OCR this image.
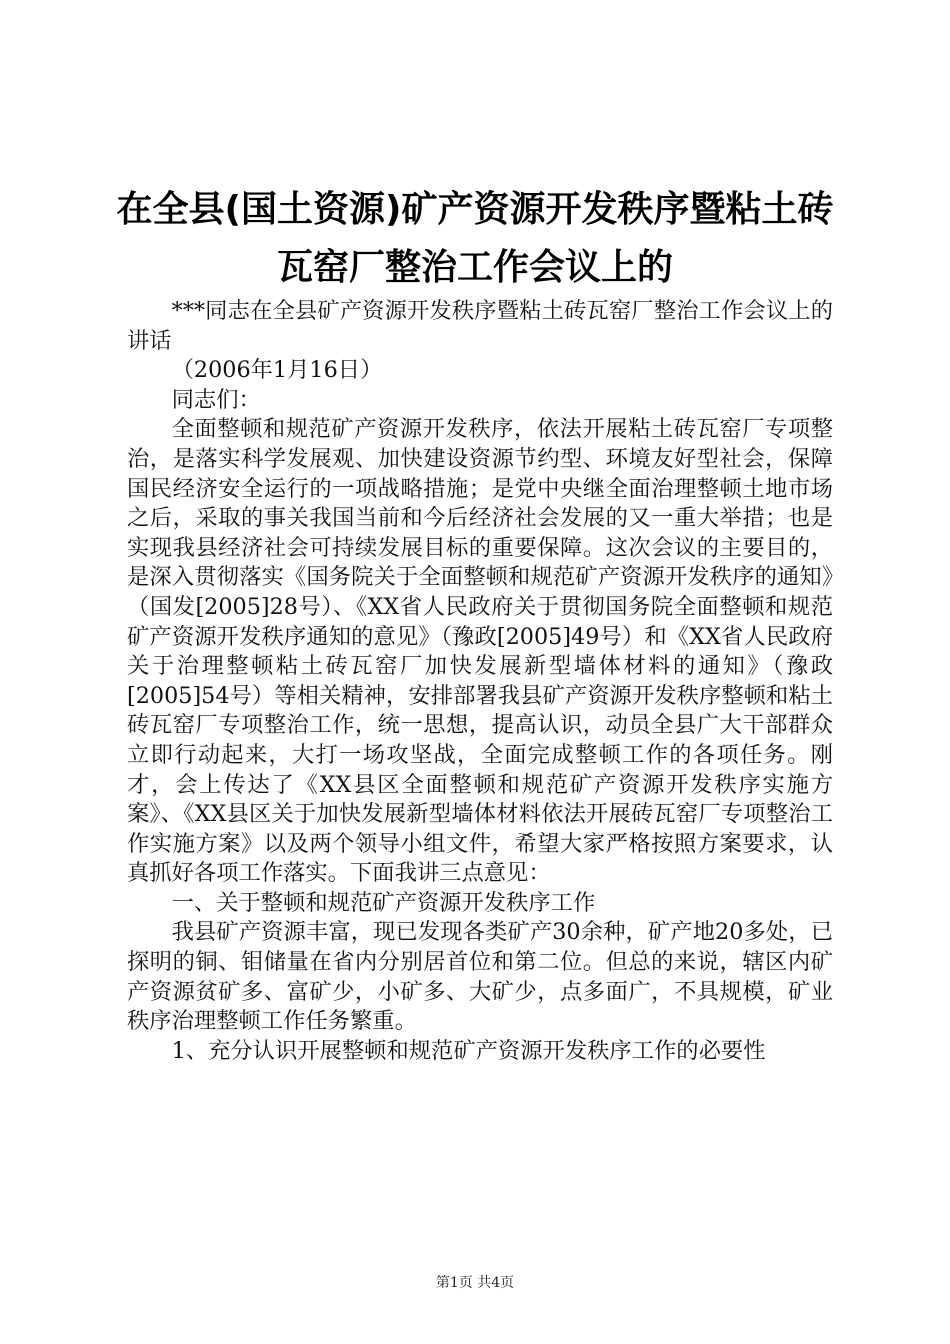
在全县(国土资源)矿产资源开发秩序暨粘土砖
瓦窑厂整治工作会议上的

***同志在全县矿产资源开发秩序暨粘土砖瓦窑厂整治工作会议上的讲话

（2006年1月16日）

同志们：

全面整顿和规范矿产资源开发秩序，依法开展粘土砖瓦窑厂专项整治，是落实科学发展观、加快建设资源节约型、环境友好型社会，保障国民经济安全运行的一项战略措施；是党中央继全面治理整顿土地市场之后，采取的事关我国当前和今后经济社会发展的又一重大举措；也是实现我县经济社会可持续发展目标的重要保障。这次会议的主要目的，是深入贯彻落实《国务院关于全面整顿和规范矿产资源开发秩序的通知》（国发[2005]28号）、《XX省人民政府关于贯彻国务院全面整顿和规范矿产资源开发秩序通知的意见》（豫政[2005]49号）和《XX省人民政府关于治理整顿粘土砖瓦窑厂加快发展新型墙体材料的通知》（豫政[2005]54号）等相关精神，安排部署我县矿产资源开发秩序整顿和粘土砖瓦窑厂专项整治工作，统一思想，提高认识，动员全县广大干部群众立即行动起来，大打一场攻坚战，全面完成整顿工作的各项任务。刚才，会上传达了《XX县区全面整顿和规范矿产资源开发秩序实施方案》、《XX县区关于加快发展新型墙体材料依法开展砖瓦窑厂专项整治工作实施方案》以及两个领导小组文件，希望大家严格按照方案要求，认真抓好各项工作落实。下面我讲三点意见：

一、关于整顿和规范矿产资源开发秩序工作

我县矿产资源丰富，现已发现各类矿产30余种，矿产地20多处，已探明的铜、钼储量在省内分别居首位和第二位。但总的来说，辖区内矿产资源贫矿多、富矿少，小矿多、大矿少，点多面广，不具规模，矿业秩序治理整顿工作任务繁重。

1、充分认识开展整顿和规范矿产资源开发秩序工作的必要性

第1页 共4页
